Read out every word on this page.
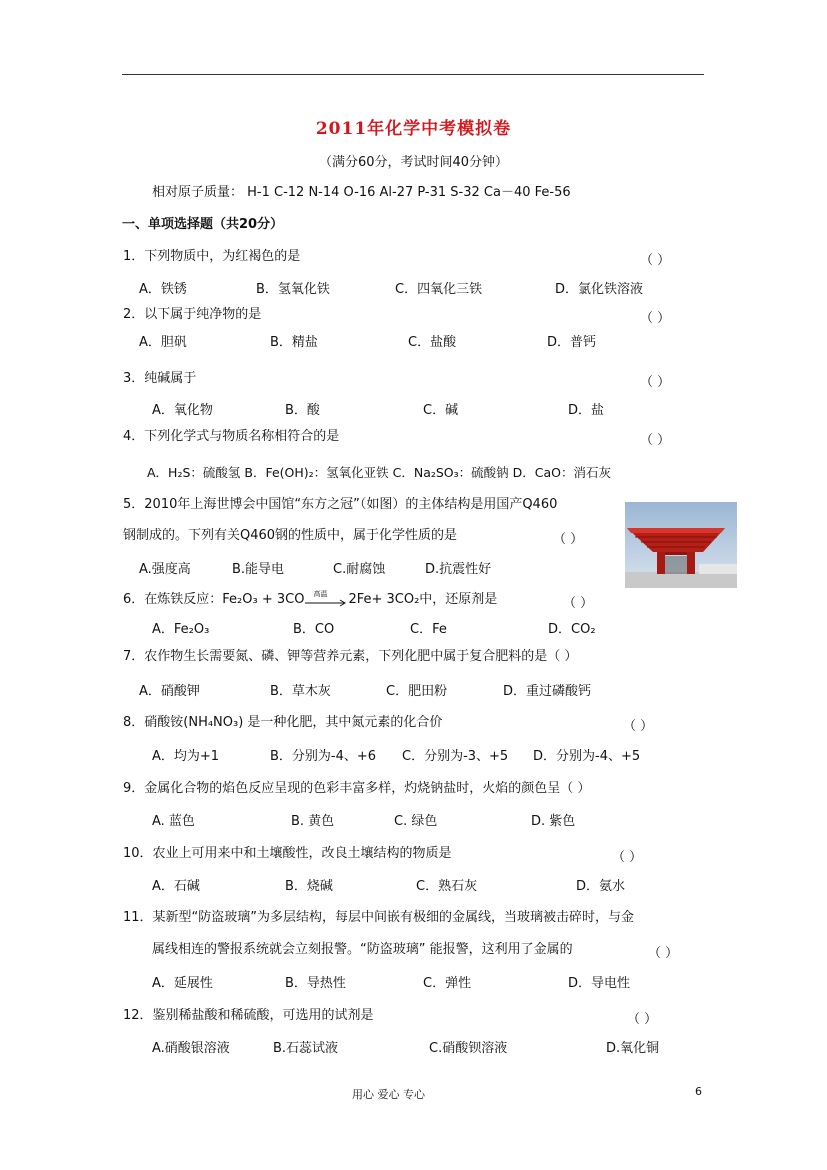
2011年化学中考模拟卷
（满分60分，考试时间40分钟）
相对原子质量： H-1 C-12 N-14 O-16 Al-27 P-31 S-32 Ca－40 Fe-56
一、单项选择题（共20分）
1．下列物质中，为红褐色的是	（ ）
A．铁锈	B．氢氧化铁	C．四氧化三铁	D．氯化铁溶液
2．以下属于纯净物的是	（ ）
A．胆矾	B．精盐	C．盐酸	D．普钙
3．纯碱属于	（ ）
A．氧化物	B．酸	C．碱	D．盐
4．下列化学式与物质名称相符合的是	（ ）
A．H₂S：硫酸氢 B．Fe(OH)₂：氢氧化亚铁 C．Na₂SO₃：硫酸钠 D．CaO：消石灰
5．2010年上海世博会中国馆“东方之冠”（如图）的主体结构是用国产Q460
钢制成的。下列有关Q460钢的性质中，属于化学性质的是	（ ）
A.强度高	B.能导电	C.耐腐蚀	D.抗震性好
6．在炼铁反应：Fe₂O₃ + 3CO 高温 2Fe+ 3CO₂中，还原剂是	（ ）
A．Fe₂O₃	B．CO	C．Fe	D．CO₂
7．农作物生长需要氮、磷、钾等营养元素，下列化肥中属于复合肥料的是（ ）
A．硝酸钾	B．草木灰	C．肥田粉	D．重过磷酸钙
8．硝酸铵(NH₄NO₃) 是一种化肥，其中氮元素的化合价	（ ）
A．均为+1	B．分别为-4、+6 C．分别为-3、+5 D．分别为-4、+5
9．金属化合物的焰色反应呈现的色彩丰富多样，灼烧钠盐时，火焰的颜色呈（ ）
A. 蓝色	B. 黄色	C. 绿色	D. 紫色
10．农业上可用来中和土壤酸性，改良土壤结构的物质是	（ ）
A．石碱	B．烧碱	C．熟石灰	D．氨水
11．某新型“防盗玻璃”为多层结构，每层中间嵌有极细的金属线，当玻璃被击碎时，与金
属线相连的警报系统就会立刻报警。“防盗玻璃” 能报警，这利用了金属的	（ ）
A．延展性	B．导热性	C．弹性	D．导电性
12．鉴别稀盐酸和稀硫酸，可选用的试剂是	（ ）
A.硝酸银溶液	B.石蕊试液	C.硝酸钡溶液	D.氧化铜
用心 爱心 专心	6
